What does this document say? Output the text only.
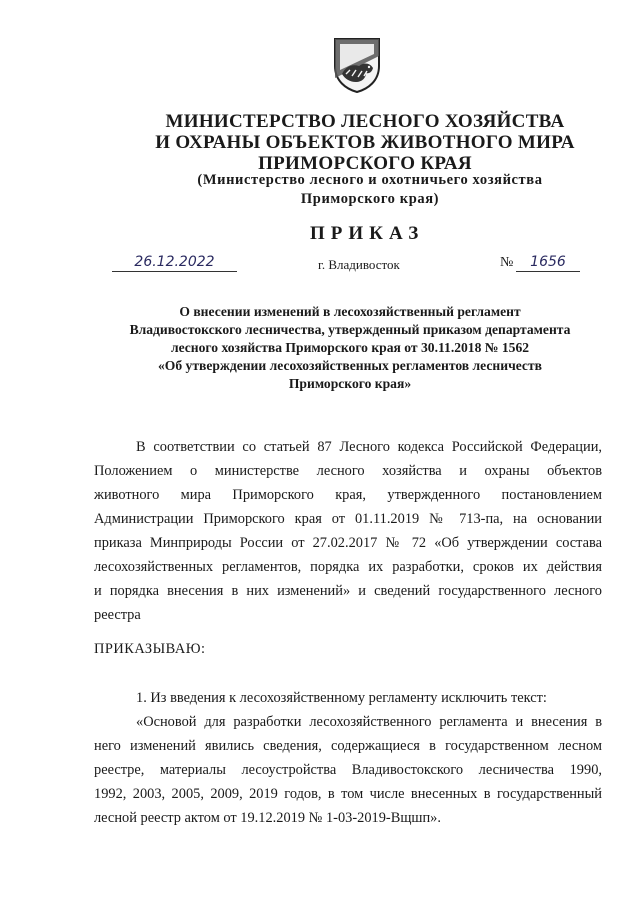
МИНИСТЕРСТВО ЛЕСНОГО ХОЗЯЙСТВА
И ОХРАНЫ ОБЪЕКТОВ ЖИВОТНОГО МИРА
ПРИМОРСКОГО КРАЯ
(Министерство лесного и охотничьего хозяйства
Приморского края)
ПРИКАЗ
26.12.2022	г. Владивосток	№	1656
О внесении изменений в лесохозяйственный регламент
Владивостокского лесничества, утвержденный приказом департамента
лесного хозяйства Приморского края от 30.11.2018 № 1562
«Об утверждении лесохозяйственных регламентов лесничеств
Приморского края»
В соответствии со статьей 87 Лесного кодекса Российской Федерации,
Положением о министерстве лесного хозяйства и охраны объектов
животного мира Приморского края, утвержденного постановлением
Администрации Приморского края от 01.11.2019 № 713-па, на основании
приказа Минприроды России от 27.02.2017 № 72 «Об утверждении состава
лесохозяйственных регламентов, порядка их разработки, сроков их действия
и порядка внесения в них изменений» и сведений государственного лесного
реестра
ПРИКАЗЫВАЮ:
1. Из введения к лесохозяйственному регламенту исключить текст:
«Основой для разработки лесохозяйственного регламента и внесения в
него изменений явились сведения, содержащиеся в государственном лесном
реестре, материалы лесоустройства Владивостокского лесничества 1990,
1992, 2003, 2005, 2009, 2019 годов, в том числе внесенных в государственный
лесной реестр актом от 19.12.2019 № 1-03-2019-Вщшп».
